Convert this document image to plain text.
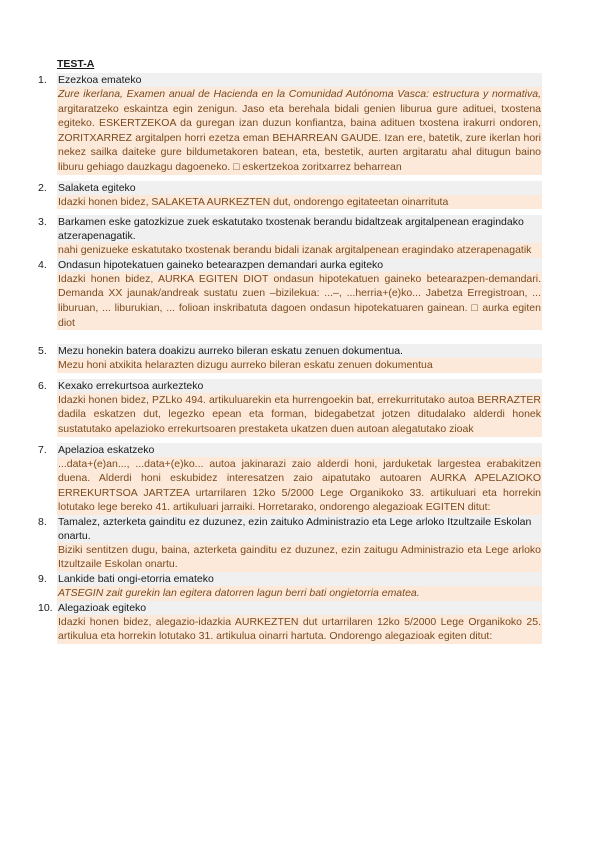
TEST-A
1.	Ezezkoa emateko
Zure ikerlana, Examen anual de Hacienda en la Comunidad Autónoma Vasca: estructura y normativa, argitaratzeko eskaintza egin zenigun. Jaso eta berehala bidali genien liburua gure adituei, txostena egiteko. ESKERTZEKOA da guregan izan duzun konfiantza, baina adituen txostena irakurri ondoren, ZORITXARREZ argitalpen horri ezetza eman BEHARREAN GAUDE. Izan ere, batetik, zure ikerlan hori nekez sailka daiteke gure bildumetakoren batean, eta, bestetik, aurten argitaratu ahal ditugun baino liburu gehiago dauzkagu dagoeneko. □ eskertzekoa zoritxarrez beharrean
2.	Salaketa egiteko
Idazki honen bidez, SALAKETA AURKEZTEN dut, ondorengo egitateetan oinarrituta
3.	Barkamen eske gatozkizue zuek eskatutako txostenak berandu bidaltzeak argitalpenean eragindako atzerapenagatik.
nahi genizueke eskatutako txostenak berandu bidali izanak argitalpenean eragindako atzerapenagatik
4.	Ondasun hipotekatuen gaineko betearazpen demandari aurka egiteko
Idazki honen bidez, AURKA EGITEN DIOT ondasun hipotekatuen gaineko betearazpen-demandari. Demanda XX jaunak/andreak sustatu zuen –bizilekua: ...–, ...herria+(e)ko... Jabetza Erregistroan, ... liburuan, ... liburukian, ... folioan inskribatuta dagoen ondasun hipotekatuaren gainean. □ aurka egiten diot
5.	Mezu honekin batera doakizu aurreko bileran eskatu zenuen dokumentua.
Mezu honi atxikita helarazten dizugu aurreko bileran eskatu zenuen dokumentua
6.	Kexako errekurtsoa aurkezteko
Idazki honen bidez, PZLko 494. artikuluarekin eta hurrengoekin bat, errekurritutako autoa BERRAZTER dadila eskatzen dut, legezko epean eta forman, bidegabetzat jotzen ditudalako alderdi honek sustatutako apelazioko errekurtsoaren prestaketa ukatzen duen autoan alegatutako zioak
7.	Apelazioa eskatzeko
...data+(e)an..., ...data+(e)ko... autoa jakinarazi zaio alderdi honi, jarduketak largestea erabakitzen duena. Alderdi honi eskubidez interesatzen zaio aipatutako autoaren AURKA APELAZIOKO ERREKURTSOA JARTZEA urtarrilaren 12ko 5/2000 Lege Organikoko 33. artikuluari eta horrekin lotutako lege bereko 41. artikuluari jarraiki. Horretarako, ondorengo alegazioak EGITEN ditut:
8.	Tamalez, azterketa gainditu ez duzunez, ezin zaituko Administrazio eta Lege arloko Itzultzaile Eskolan onartu.
Biziki sentitzen dugu, baina, azterketa gainditu ez duzunez, ezin zaitugu Administrazio eta Lege arloko Itzultzaile Eskolan onartu.
9.	Lankide bati ongi-etorria emateko
ATSEGIN zait gurekin lan egitera datorren lagun berri bati ongietorria ematea.
10. Alegazioak egiteko
Idazki honen bidez, alegazio-idazkia AURKEZTEN dut urtarrilaren 12ko 5/2000 Lege Organikoko 25. artikulua eta horrekin lotutako 31. artikulua oinarri hartuta. Ondorengo alegazioak egiten ditut:
